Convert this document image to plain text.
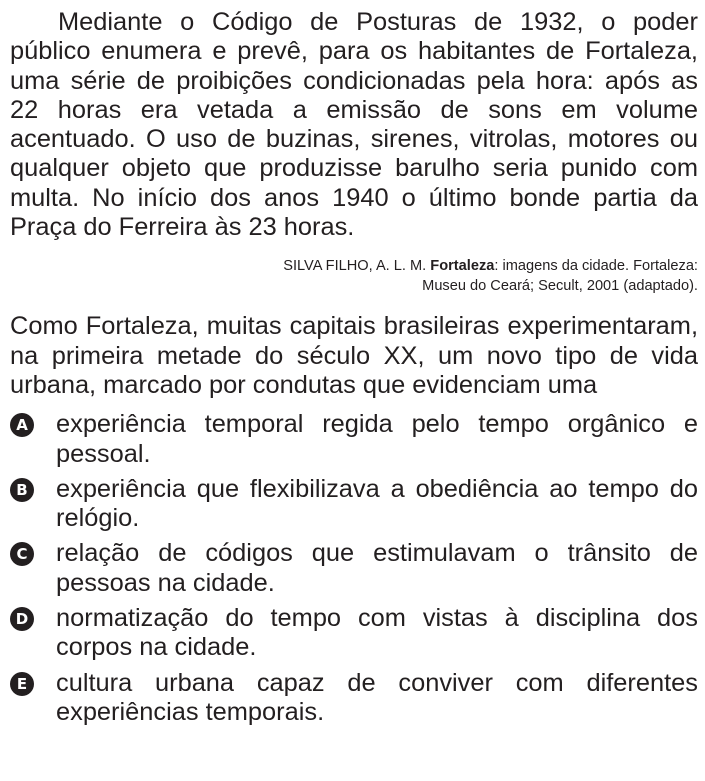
Mediante o Código de Posturas de 1932, o poder público enumera e prevê, para os habitantes de Fortaleza, uma série de proibições condicionadas pela hora: após as 22 horas era vetada a emissão de sons em volume acentuado. O uso de buzinas, sirenes, vitrolas, motores ou qualquer objeto que produzisse barulho seria punido com multa. No início dos anos 1940 o último bonde partia da Praça do Ferreira às 23 horas.

SILVA FILHO, A. L. M. Fortaleza: imagens da cidade. Fortaleza:
Museu do Ceará; Secult, 2001 (adaptado).

Como Fortaleza, muitas capitais brasileiras experimentaram, na primeira metade do século XX, um novo tipo de vida urbana, marcado por condutas que evidenciam uma

A experiência temporal regida pelo tempo orgânico e pessoal.
B experiência que flexibilizava a obediência ao tempo do relógio.
C relação de códigos que estimulavam o trânsito de pessoas na cidade.
D normatização do tempo com vistas à disciplina dos corpos na cidade.
E cultura urbana capaz de conviver com diferentes experiências temporais.
